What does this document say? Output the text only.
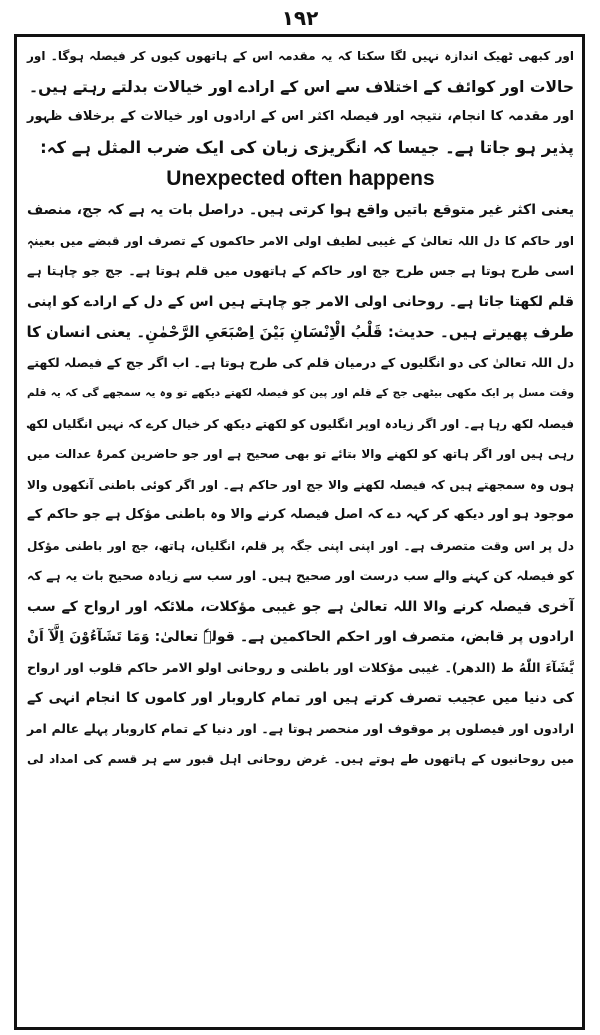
۱۹۲
اور کبھی ٹھیک اندازہ نہیں لگا سکتا کہ یہ مقدمہ اس کے ہاتھوں کیوں کر فیصلہ ہوگا۔ اور
حالات اور کوائف کے اختلاف سے اس کے ارادے اور خیالات بدلتے رہتے ہیں۔
اور مقدمہ کا انجام، نتیجہ اور فیصلہ اکثر اس کے ارادوں اور خیالات کے برخلاف ظہور
پذیر ہو جاتا ہے۔ جیسا کہ انگریزی زبان کی ایک ضرب المثل ہے کہ:
Unexpected often happens
یعنی اکثر غیر متوقع باتیں واقع ہوا کرتی ہیں۔ دراصل بات یہ ہے کہ جج، منصف
اور حاکم کا دل اللہ تعالیٰ کے غیبی لطیف اولی الامر حاکموں کے تصرف اور قبضے میں بعینہٖ
اسی طرح ہوتا ہے جس طرح جج اور حاکم کے ہاتھوں میں قلم ہوتا ہے۔ جج جو چاہتا ہے
قلم لکھتا جاتا ہے۔ روحانی اولی الامر جو چاہتے ہیں اس کے دل کے ارادے کو اپنی
طرف پھیرتے ہیں۔ حدیث: قَلْبُ الْاِنْسَانِ بَیْنَ اِصْبَعَیِ الرَّحْمٰنِ۔ یعنی انسان کا
دل اللہ تعالیٰ کی دو انگلیوں کے درمیان قلم کی طرح ہوتا ہے۔ اب اگر جج کے فیصلہ لکھتے
وقت مسل پر ایک مکھی بیٹھی جج کے قلم اور پین کو فیصلہ لکھتے دیکھے تو وہ یہ سمجھے گی کہ یہ قلم
فیصلہ لکھ رہا ہے۔ اور اگر زیادہ اوپر انگلیوں کو لکھتے دیکھ کر خیال کرے کہ نہیں انگلیاں لکھ
رہی ہیں اور اگر ہاتھ کو لکھنے والا بتائے تو بھی صحیح ہے اور جو حاضرین کمرۂ عدالت میں
ہوں وہ سمجھتے ہیں کہ فیصلہ لکھنے والا جج اور حاکم ہے۔ اور اگر کوئی باطنی آنکھوں والا
موجود ہو اور دیکھ کر کہہ دے کہ اصل فیصلہ کرنے والا وہ باطنی مؤکل ہے جو حاکم کے
دل پر اس وقت متصرف ہے۔ اور اپنی اپنی جگہ پر قلم، انگلیاں، ہاتھ، جج اور باطنی مؤکل
کو فیصلہ کن کہنے والے سب درست اور صحیح ہیں۔ اور سب سے زیادہ صحیح بات یہ ہے کہ
آخری فیصلہ کرنے والا اللہ تعالیٰ ہے جو غیبی مؤکلات، ملائکہ اور ارواح کے سب
ارادوں پر قابض، متصرف اور احکم الحاکمین ہے۔ قولہٗ تعالیٰ: وَمَا تَشَآءُوْنَ اِلَّآ اَنْ
یَّشَآءَ اللّٰهُ ط (الدھر)۔ غیبی مؤکلات اور باطنی و روحانی اولو الامر حاکم قلوب اور ارواح
کی دنیا میں عجیب تصرف کرتے ہیں اور تمام کاروبار اور کاموں کا انجام انہی کے
ارادوں اور فیصلوں پر موقوف اور منحصر ہوتا ہے۔ اور دنیا کے تمام کاروبار پہلے عالم امر
میں روحانیوں کے ہاتھوں طے ہوتے ہیں۔ غرض روحانی اہل قبور سے ہر قسم کی امداد لی
